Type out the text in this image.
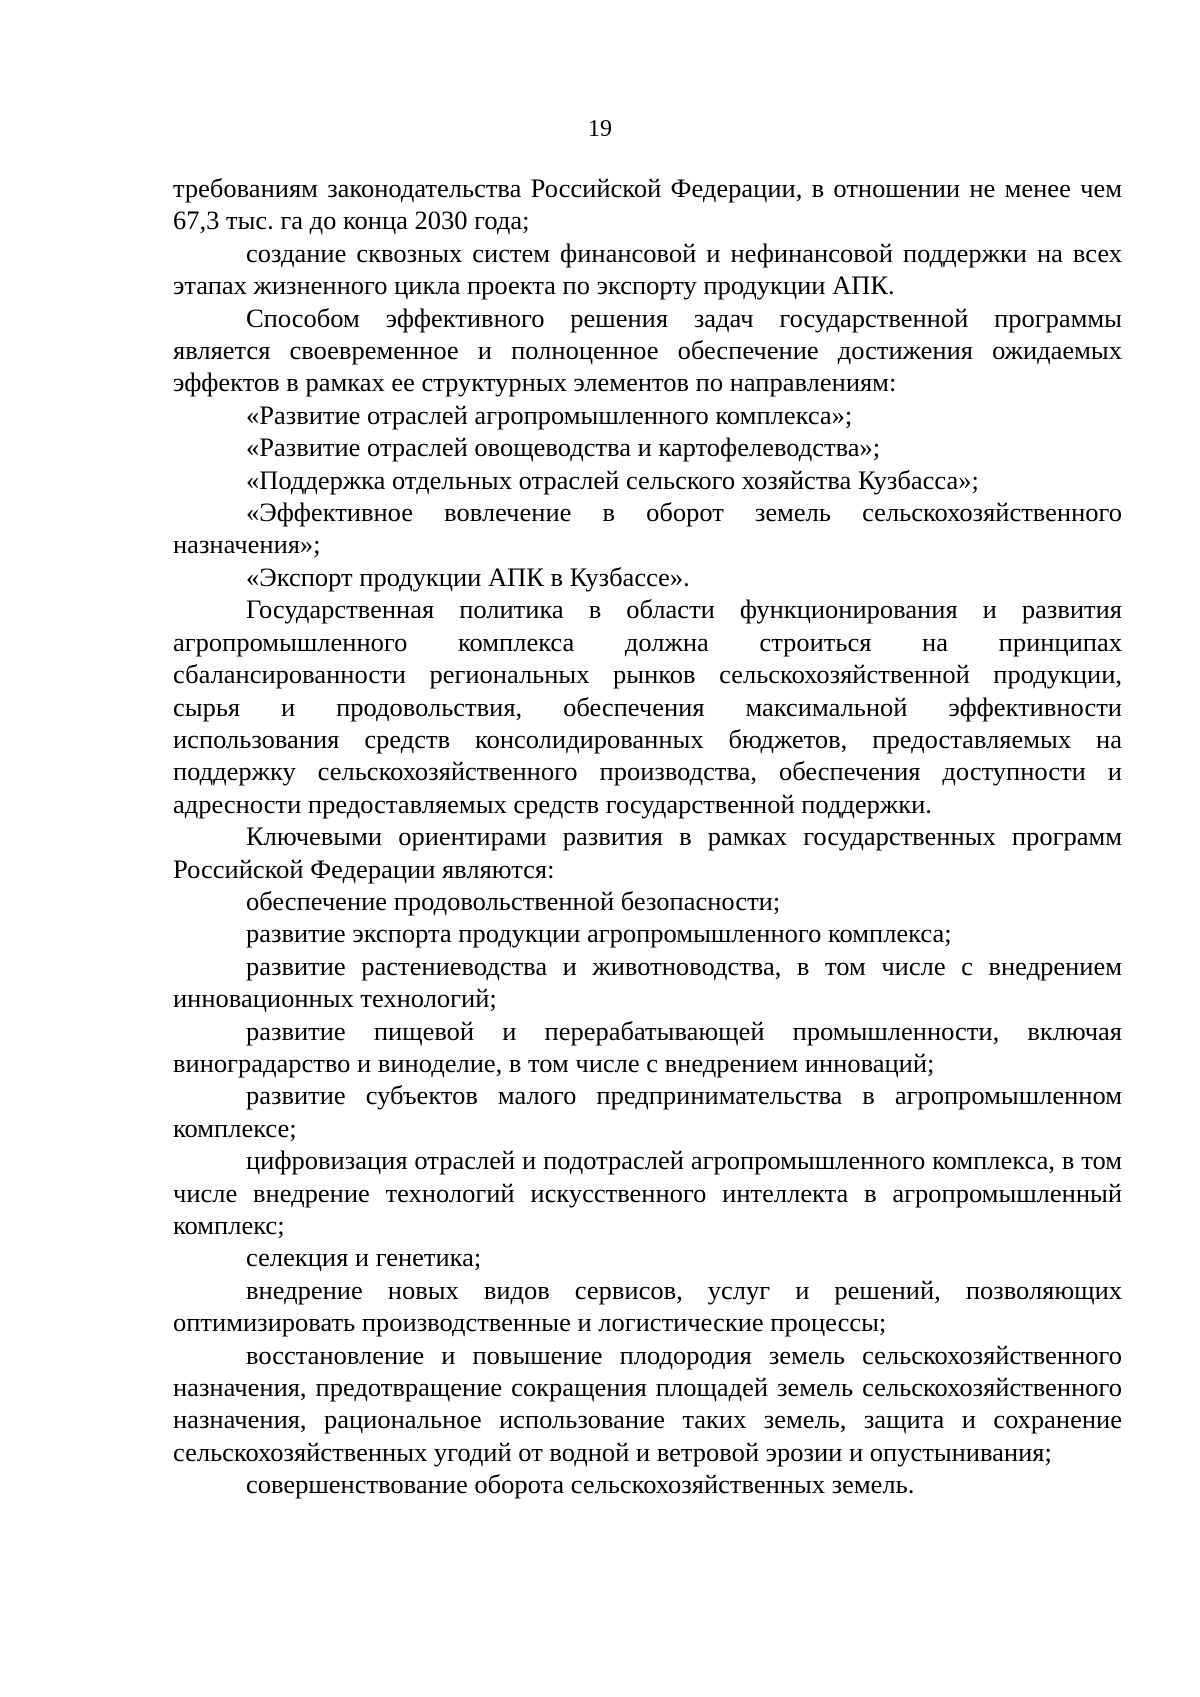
19

требованиям законодательства Российской Федерации, в отношении не менее чем 67,3 тыс. га до конца 2030 года;

создание сквозных систем финансовой и нефинансовой поддержки на всех этапах жизненного цикла проекта по экспорту продукции АПК.

Способом эффективного решения задач государственной программы является своевременное и полноценное обеспечение достижения ожидаемых эффектов в рамках ее структурных элементов по направлениям:

«Развитие отраслей агропромышленного комплекса»;

«Развитие отраслей овощеводства и картофелеводства»;

«Поддержка отдельных отраслей сельского хозяйства Кузбасса»;

«Эффективное вовлечение в оборот земель сельскохозяйственного назначения»;

«Экспорт продукции АПК в Кузбассе».

Государственная политика в области функционирования и развития агропромышленного комплекса должна строиться на принципах сбалансированности региональных рынков сельскохозяйственной продукции, сырья и продовольствия, обеспечения максимальной эффективности использования средств консолидированных бюджетов, предоставляемых на поддержку сельскохозяйственного производства, обеспечения доступности и адресности предоставляемых средств государственной поддержки.

Ключевыми ориентирами развития в рамках государственных программ Российской Федерации являются:

обеспечение продовольственной безопасности;

развитие экспорта продукции агропромышленного комплекса;

развитие растениеводства и животноводства, в том числе с внедрением инновационных технологий;

развитие пищевой и перерабатывающей промышленности, включая виноградарство и виноделие, в том числе с внедрением инноваций;

развитие субъектов малого предпринимательства в агропромышленном комплексе;

цифровизация отраслей и подотраслей агропромышленного комплекса, в том числе внедрение технологий искусственного интеллекта в агропромышленный комплекс;

селекция и генетика;

внедрение новых видов сервисов, услуг и решений, позволяющих оптимизировать производственные и логистические процессы;

восстановление и повышение плодородия земель сельскохозяйственного назначения, предотвращение сокращения площадей земель сельскохозяйственного назначения, рациональное использование таких земель, защита и сохранение сельскохозяйственных угодий от водной и ветровой эрозии и опустынивания;

совершенствование оборота сельскохозяйственных земель.
